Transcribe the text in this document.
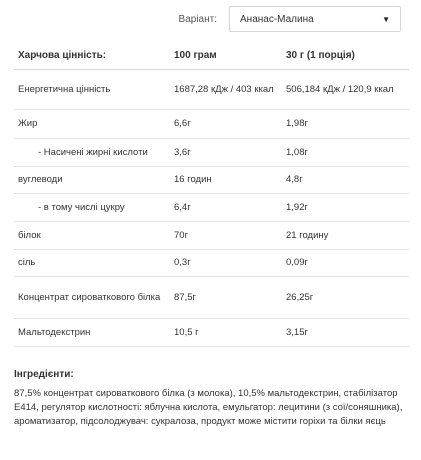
Варіант: Ананас-Малина	▼
Харчова цінність:	100 грам	30 г (1 порція)
Енергетична цінність	1687,28 кДж / 403 ккал	506,184 кДж / 120,9 ккал
Жир	6,6г	1,98г
- Насичені жирні кислоти	3,6г	1,08г
вуглеводи	16 годин	4,8г
- в тому числі цукру	6,4г	1,92г
білок	70г	21 годину
сіль	0,3г	0,09г
Концентрат сироваткового білка	87,5г	26,25г
Мальтодекстрин	10,5 г	3,15г
Інгредієнти:
87,5% концентрат сироваткового білка (з молока), 10,5% мальтодекстрин, стабілізатор Е414, регулятор кислотності: яблучна кислота, емульгатор: лецитини (з сої/соняшника), ароматизатор, підсолоджувач: сукралоза, продукт може містити горіхи та білки яєць
